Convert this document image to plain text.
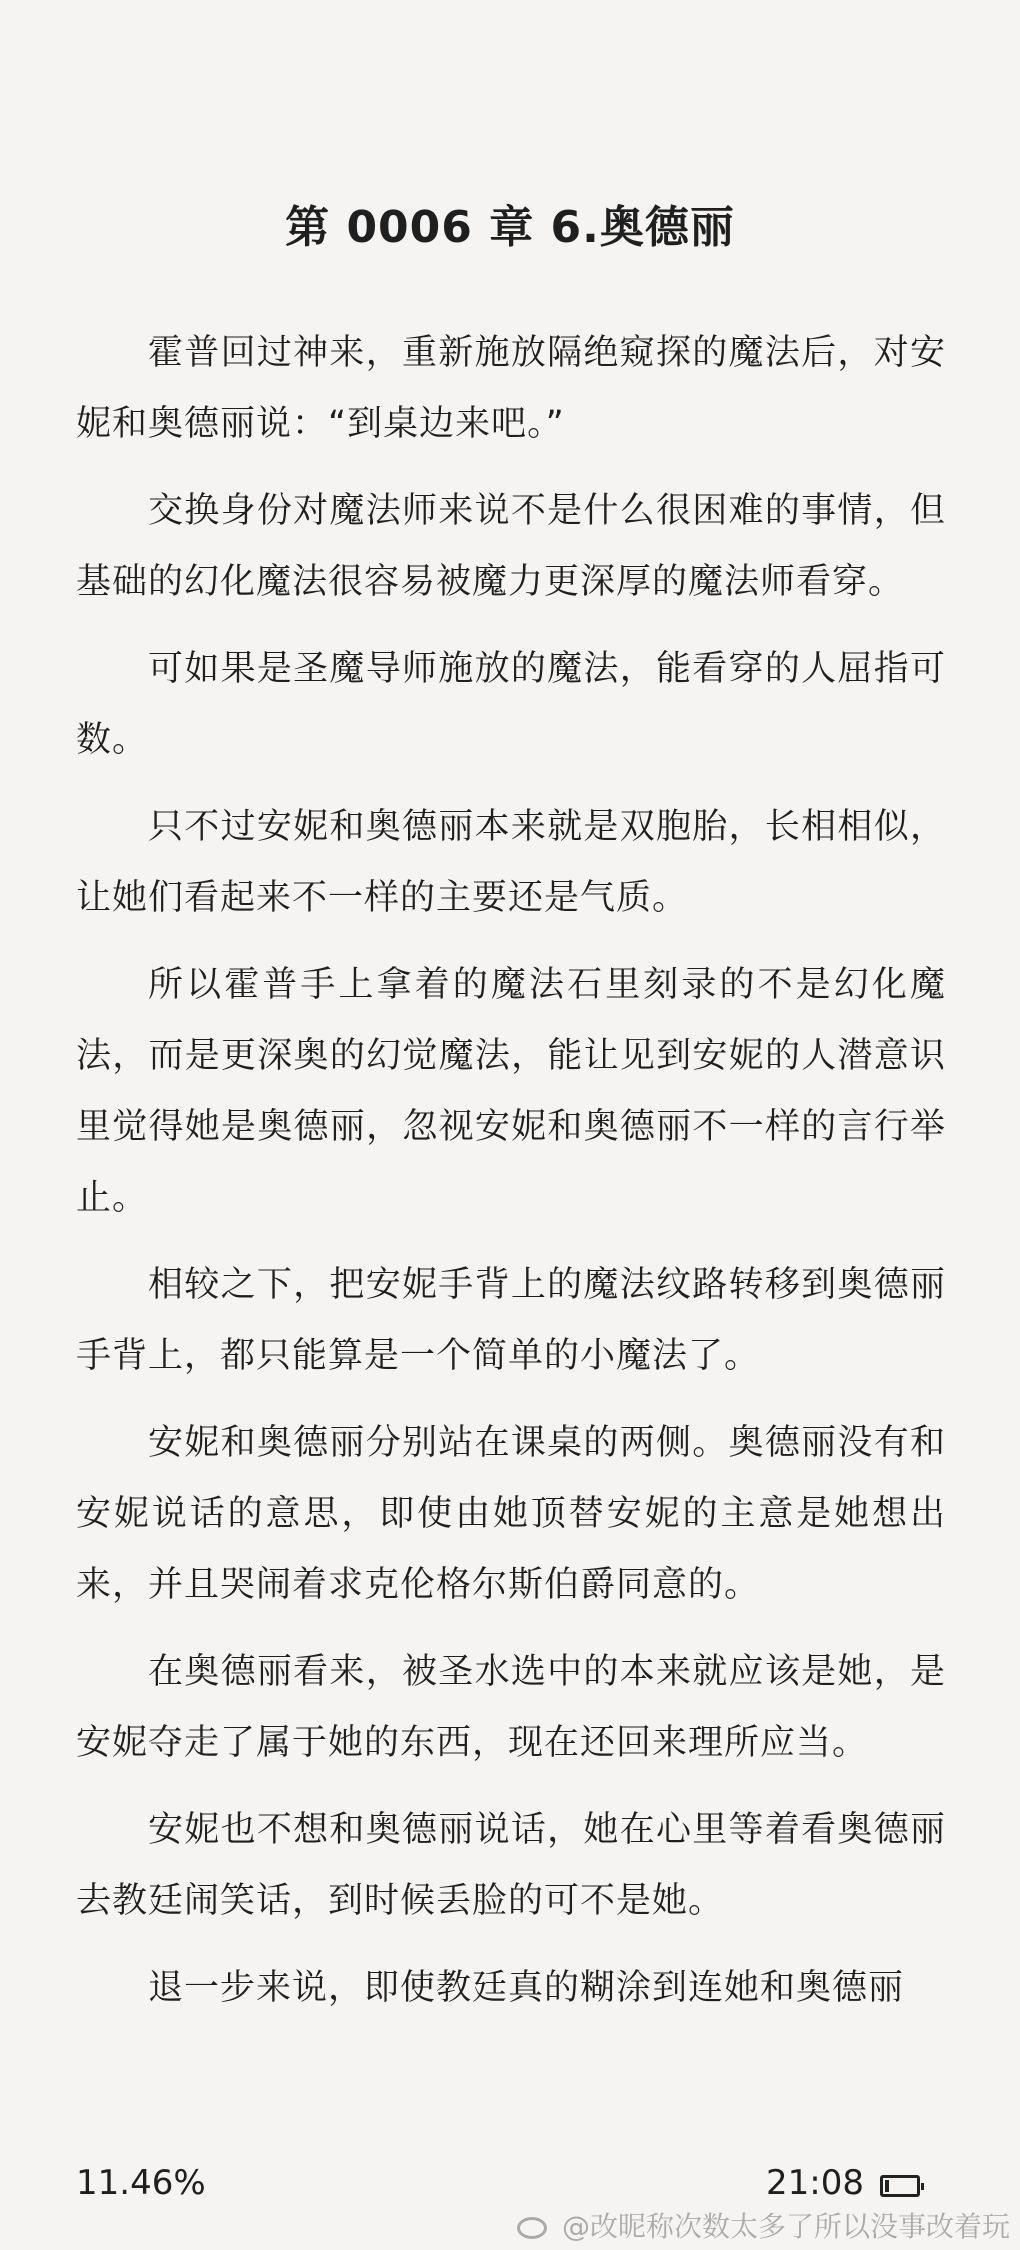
第 0006 章 6.奥德丽

霍普回过神来，重新施放隔绝窥探的魔法后，对安妮和奥德丽说：“到桌边来吧。”

交换身份对魔法师来说不是什么很困难的事情，但基础的幻化魔法很容易被魔力更深厚的魔法师看穿。

可如果是圣魔导师施放的魔法，能看穿的人屈指可数。

只不过安妮和奥德丽本来就是双胞胎，长相相似，让她们看起来不一样的主要还是气质。

所以霍普手上拿着的魔法石里刻录的不是幻化魔法，而是更深奥的幻觉魔法，能让见到安妮的人潜意识里觉得她是奥德丽，忽视安妮和奥德丽不一样的言行举止。

相较之下，把安妮手背上的魔法纹路转移到奥德丽手背上，都只能算是一个简单的小魔法了。

安妮和奥德丽分别站在课桌的两侧。奥德丽没有和安妮说话的意思，即使由她顶替安妮的主意是她想出来，并且哭闹着求克伦格尔斯伯爵同意的。

在奥德丽看来，被圣水选中的本来就应该是她，是安妮夺走了属于她的东西，现在还回来理所应当。

安妮也不想和奥德丽说话，她在心里等着看奥德丽去教廷闹笑话，到时候丢脸的可不是她。

退一步来说，即使教廷真的糊涂到连她和奥德丽

11.46%	21:08
@改昵称次数太多了所以没事改着玩
